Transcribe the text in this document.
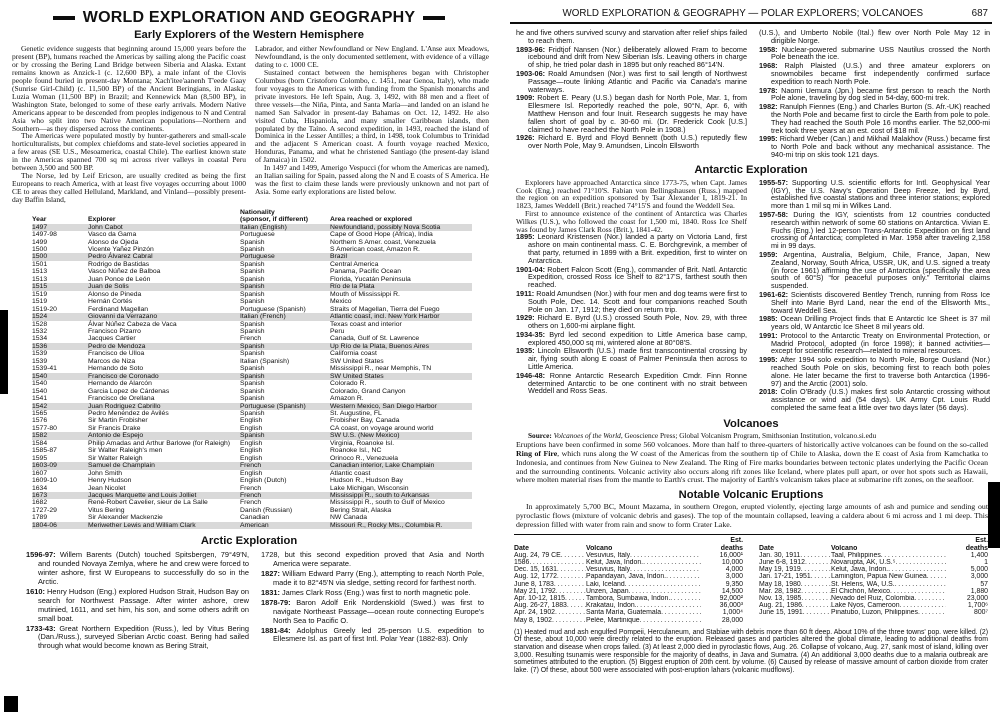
WORLD EXPLORATION AND GEOGRAPHY
Early Explorers of the Western Hemisphere

Genetic evidence suggests that beginning around 15,000 years before the present (BP), humans reached the Americas by sailing along the Pacific coast or by crossing the Bering Land Bridge between Siberia and Alaska. Extant remains known as Anzick-1 (c. 12,600 BP), a male infant of the Clovis people found buried in present-day Montana; Xach'itee'aanenh T'eede Gaay (Sunrise Girl-Child) (c. 11,500 BP) of the Ancient Beringians, in Alaska; Luzia Woman (11,500 BP) in Brazil; and Kennewick Man (8,500 BP), in Washington State, belonged to some of these early arrivals. Modern Native Americans appear to be descended from peoples indigenous to N and Central Asia who split into two Native American populations—Northern and Southern—as they dispersed across the continents.

The Americas were populated mostly by hunter-gatherers and small-scale horticulturalists, but complex chiefdoms and state-level societies appeared in a few areas (SE U.S., Mesoamerica, coastal Chile). The earliest known state in the Americas spanned 700 sq mi across river valleys in coastal Peru between 3,500 and 500 BP.

The Norse, led by Leif Ericson, are usually credited as being the first Europeans to reach America, with at least five voyages occurring about 1000 CE to areas they called Helluland, Markland, and Vinland—possibly present-day Baffin Island,

Labrador, and either Newfoundland or New England. L'Anse aux Meadows, Newfoundland, is the only documented settlement, with evidence of a village dating to c. 1000 CE.

Sustained contact between the hemispheres began with Christopher Columbus (born Cristoforo Colombo, c. 1451, near Genoa, Italy), who made four voyages to the Americas with funding from the Spanish monarchs and private investors. He left Spain, Aug. 3, 1492, with 88 men and a fleet of three vessels—the Niña, Pinta, and Santa María—and landed on an island he named San Salvador in present-day Bahamas on Oct. 12, 1492. He also visited Cuba, Hispaniola, and many smaller Caribbean islands, then populated by the Taíno. A second expedition, in 1493, reached the island of Dominica in the Lesser Antilles; a third, in 1498, took Columbus to Trinidad and the adjacent S American coast. A fourth voyage reached Mexico, Honduras, Panama, and what he christened Santiago (the present-day island of Jamaica) in 1502.

In 1497 and 1499, Amerigo Vespucci (for whom the Americas are named), an Italian sailing for Spain, passed along the N and E coasts of S America. He was the first to claim these lands were previously unknown and not part of Asia. Some early explorations are listed below.

Nationality
Year	Explorer	(sponsor, if different)	Area reached or explored
1497	John Cabot	Italian (English)	Newfoundland, possibly Nova Scotia
1497-98	Vasco da Gama	Portuguese	Cape of Good Hope (Africa), India
1499	Alonso de Ojeda	Spanish	Northern S Amer. coast, Venezuela
1500	Vicente Yañez Pinzón	Spanish	S American coast, Amazon R.
1500	Pedro Álvarez Cabral	Portuguese	Brazil
1501	Rodrigo de Bastidas	Spanish	Central America
1513	Vasco Núñez de Balboa	Spanish	Panama, Pacific Ocean
1513	Juan Ponce de León	Spanish	Florida, Yucatán Peninsula
1515	Juan de Solis	Spanish	Río de la Plata
1519	Alonso de Pineda	Spanish	Mouth of Mississippi R.
1519	Hernán Cortés	Spanish	Mexico
1519-20	Ferdinand Magellan	Portuguese (Spanish)	Straits of Magellan, Tierra del Fuego
1524	Giovanni da Verrazano	Italian (French)	Atlantic coast, incl. New York Harbor
1528	Álvar Núñez Cabeza de Vaca	Spanish	Texas coast and interior
1532	Francisco Pizarro	Spanish	Peru
1534	Jacques Cartier	French	Canada, Gulf of St. Lawrence
1536	Pedro de Mendoza	Spanish	Up Río de la Plata, Buenos Aires
1539	Francisco de Ulloa	Spanish	California coast
1539	Marcos de Niza	Italian (Spanish)	SW United States
1539-41	Hernando de Soto	Spanish	Mississippi R., near Memphis, TN
1540	Francisco de Coronado	Spanish	SW United States
1540	Hernando de Alarcón	Spanish	Colorado R.
1540	Garcia Lopez de Cárdenas	Spanish	Colorado, Grand Canyon
1541	Francisco de Orellana	Spanish	Amazon R.
1542	Juan Rodriguez Cabrillo	Portuguese (Spanish)	Western Mexico, San Diego Harbor
1565	Pedro Menéndez de Avilés	Spanish	St. Augustine, FL
1576	Sir Martin Frobisher	English	Frobisher Bay, Canada
1577-80	Sir Francis Drake	English	CA coast, on voyage around world
1582	Antonio de Espejo	Spanish	SW U.S. (New Mexico)
1584	Philip Amadas and Arthur Barlowe (for Raleigh)	English	Virginia, Roanoke Isl.
1585-87	Sir Walter Raleigh's men	English	Roanoke Isl., NC
1595	Sir Walter Raleigh	English	Orinoco R., Venezuela
1603-09	Samuel de Champlain	French	Canadian interior, Lake Champlain
1607	John Smith	English	Atlantic coast
1609-10	Henry Hudson	English (Dutch)	Hudson R., Hudson Bay
1634	Jean Nicolet	French	Lake Michigan, Wisconsin
1673	Jacques Marquette and Louis Jolliet	French	Mississippi R., south to Arkansas
1682	René-Robert Cavelier, sieur de La Salle	French	Mississippi R., south to Gulf of Mexico
1727-29	Vitus Bering	Danish (Russian)	Bering Strait, Alaska
1789	Sir Alexander Mackenzie	Canadian	NW Canada
1804-06	Meriwether Lewis and William Clark	American	Missouri R., Rocky Mts., Columbia R.
Arctic Exploration

1596-97: Willem Barents (Dutch) touched Spitsbergen, 79°49'N, and rounded Novaya Zemlya, where he and crew were forced to winter ashore, first W Europeans to successfully do so in the Arctic.

1610: Henry Hudson (Eng.) explored Hudson Strait, Hudson Bay on search for Northwest Passage. After winter ashore, crew mutinied, 1611, and set him, his son, and some others adrift on small boat.

1733-43: Great Northern Expedition (Russ.), led by Vitus Bering (Dan./Russ.), surveyed Siberian Arctic coast. Bering had sailed through what would become known as Bering Strait,

1728, but this second expedition proved that Asia and North America were separate.

1827: William Edward Parry (Eng.), attempting to reach North Pole, made it to 82°45'N via sledge, setting record for farthest north.

1831: James Clark Ross (Eng.) was first to north magnetic pole.

1878-79: Baron Adolf Erik Nordenskiöld (Swed.) was first to navigate Northeast Passage—ocean route connecting Europe's North Sea to Pacific O.

1881-84: Adolphus Greely led 25-person U.S. expedition to Ellesmere Isl. as part of first Intl. Polar Year (1882-83). Only

WORLD EXPLORATION & GEOGRAPHY — POLAR EXPLORERS; VOLCANOES	687

he and five others survived scurvy and starvation after relief ships failed to reach them.

1893-96: Fridtjof Nansen (Nor.) deliberately allowed Fram to become icebound and drift from New Siberian Isls. Leaving others in charge of ship, he tried polar dash in 1895 but only reached 86°14'N.

1903-06: Roald Amundsen (Nor.) was first to sail length of Northwest Passage—route linking Atlantic and Pacific via Canada's marine waterways.

1909: Robert E. Peary (U.S.) began dash for North Pole, Mar. 1, from Ellesmere Isl. Reportedly reached the pole, 90°N, Apr. 6, with Matthew Henson and four Inuit. Research suggests he may have fallen short of goal by c. 30-60 mi. (Dr. Frederick Cook [U.S.] claimed to have reached the North Pole in 1908.)

1926: Richard E. Byrd and Floyd Bennett (both U.S.) reputedly flew over North Pole, May 9. Amundsen, Lincoln Ellsworth

(U.S.), and Umberto Nobile (Ital.) flew over North Pole May 12 in dirigible Norge.

1958: Nuclear-powered submarine USS Nautilus crossed the North Pole beneath the ice.

1968: Ralph Plaisted (U.S.) and three amateur explorers on snowmobiles became first independently confirmed surface expedition to reach North Pole.

1978: Naomi Uemura (Jpn.) became first person to reach the North Pole alone, traveling by dog sled in 54-day, 600-mi trek.

1982: Ranulph Fiennes (Eng.) and Charles Burton (S. Afr.-UK) reached the North Pole and became first to circle the Earth from pole to pole. They had reached the South Pole 16 months earlier. The 52,000-mi trek took three years at an est. cost of $18 mil.

1995: Richard Weber (Can.) and Mikhail Malakhov (Russ.) became first to North Pole and back without any mechanical assistance. The 940-mi trip on skis took 121 days.

Antarctic Exploration

Explorers have approached Antarctica since 1773-75, when Capt. James Cook (Eng.) reached 71°10'S. Fabian von Bellingshausen (Russ.) mapped the region on an expedition sponsored by Tsar Alexander I, 1819-21. In 1823, James Weddell (Brit.) reached 74°15'S and found the Weddell Sea.

First to announce existence of the continent of Antarctica was Charles Wilkes (U.S.), who followed the coast for 1,500 mi, 1840. Ross Ice Shelf was found by James Clark Ross (Brit.), 1841-42.

1895: Leonard Kristensen (Nor.) landed a party on Victoria Land, first ashore on main continental mass. C. E. Borchgrevink, a member of that party, returned in 1899 with a Brit. expedition, first to winter on Antarctica.

1901-04: Robert Falcon Scott (Eng.), commander of Brit. Natl. Antarctic Expedition, crossed Ross Ice Shelf to 82°17'S, farthest south then reached.

1911: Roald Amundsen (Nor.) with four men and dog teams were first to South Pole, Dec. 14. Scott and four companions reached South Pole on Jan. 17, 1912; they died on return trip.

1929: Richard E. Byrd (U.S.) crossed South Pole, Nov. 29, with three others on 1,600-mi airplane flight.

1934-35: Byrd led second expedition to Little America base camp, explored 450,000 sq mi, wintered alone at 80°08'S.

1935: Lincoln Ellsworth (U.S.) made first transcontinental crossing by air, flying south along E coast of Palmer Peninsula then across to Little America.

1946-48: Ronne Antarctic Research Expedition Cmdr. Finn Ronne determined Antarctic to be one continent with no strait between Weddell and Ross Seas.

1955-57: Supporting U.S. scientific efforts for Intl. Geophysical Year (IGY), the U.S. Navy's Operation Deep Freeze, led by Byrd, established five coastal stations and three interior stations; explored more than 1 mil sq mi in Wilkes Land.

1957-58: During the IGY, scientists from 12 countries conducted research within network of some 60 stations on Antarctica. Vivian E. Fuchs (Eng.) led 12-person Trans-Antarctic Expedition on first land crossing of Antarctica; completed in Mar. 1958 after traveling 2,158 mi in 99 days.

1959: Argentina, Australia, Belgium, Chile, France, Japan, New Zealand, Norway, South Africa, USSR, UK, and U.S. signed a treaty (in force 1961) affirming the use of Antarctica (specifically the area south of 60°S) “for peaceful purposes only.” Territorial claims suspended.

1961-62: Scientists discovered Bentley Trench, running from Ross Ice Shelf into Marie Byrd Land, near the end of the Ellsworth Mts., toward Weddell Sea.

1985: Ocean Drilling Project finds that E Antarctic Ice Sheet is 37 mil years old, W Antarctic Ice Sheet 8 mil years old.

1991: Protocol to the Antarctic Treaty on Environmental Protection, or Madrid Protocol, adopted (in force 1998); it banned activities—except for scientific research—related to mineral resources.

1995: After 1994 solo expedition to North Pole, Borge Ousland (Nor.) reached South Pole on skis, becoming first to reach both poles alone. He later became the first to traverse both Antarctica (1996-97) and the Arctic (2001) solo.

2018: Colin O'Brady (U.S.) makes first solo Antarctic crossing without assistance or wind aid (54 days). UK Army Cpt. Louis Rudd completed the same feat a little over two days later (56 days).

Volcanoes

Source: Volcanoes of the World, Geoscience Press; Global Volcanism Program, Smithsonian Institution, volcano.si.edu

Eruptions have been confirmed in some 560 volcanoes. More than half to three-quarters of historically active volcanoes can be found on the so-called Ring of Fire, which runs along the W coast of the Americas from the southern tip of Chile to Alaska, down the E coast of Asia from Kamchatka to Indonesia, and continues from New Guinea to New Zealand. The Ring of Fire marks boundaries between tectonic plates underlying the Pacific Ocean and the surrounding continents. Volcanic activity also occurs along rift zones like Iceland, where plates pull apart, or over hot spots such as Hawaii, where molten material rises from the mantle to Earth's crust. The majority of Earth's volcanism takes place at submarine rift zones, on the seafloor.

Notable Volcanic Eruptions

In approximately 5,700 BC, Mount Mazama, in southern Oregon, erupted violently, ejecting large amounts of ash and pumice and sending out pyroclastic flows (mixture of volcanic debris and gases). The top of the mountain collapsed, leaving a caldera about 6 mi across and 1 mi deep. This depression filled with water from rain and snow to form Crater Lake.

Est.
Date	Volcano	deaths
Aug. 24, 79 CE .....	Vesuvius, Italy .....	16,000¹
1586 .....	Kelut, Java, Indon. .....	10,000
Dec. 15, 1631 .....	Vesuvius, Italy .....	4,000
Aug. 12, 1772 .....	Papandayan, Java, Indon. .....	3,000
June 8, 1783 .....	Laki, Iceland .....	9,350
May 21, 1792 .....	Unzen, Japan .....	14,500
Apr. 10-12, 1815 .....	Tambora, Sumbawa, Indon. .....	92,000²
Aug. 26-27, 1883 .....	Krakatau, Indon. .....	36,000³
Apr. 24, 1902 .....	Santa María, Guatemala .....	1,000⁴
May 8, 1902 .....	Pelée, Martinique .....	28,000
Est.
Date	Volcano	deaths
Jan. 30, 1911 .....	Taal, Philippines .....	1,400
June 6-8, 1912 .....	Novarupta, AK, U.S.⁵ .....	1
May 19, 1919 .....	Kelut, Java, Indon. .....	5,000
Jan. 17-21, 1951 .....	Lamington, Papua New Guinea .....	3,000
May 18, 1980 .....	St. Helens, WA, U.S. .....	57
Mar. 28, 1982 .....	El Chichón, Mexico .....	1,880
Nov. 13, 1985 .....	Nevado del Ruiz, Colombia .....	23,000
Aug. 21, 1986 .....	Lake Nyos, Cameroon .....	1,700⁶
June 15, 1991 .....	Pinatubo, Luzon, Philippines .....	800⁷

(1) Heated mud and ash engulfed Pompeii, Herculaneum, and Stabiae with debris more than 60 ft deep. About 10% of the three towns' pop. were killed. (2) Of these, about 10,000 were directly related to the eruption. Released gases and particles altered the global climate, leading to additional deaths from starvation and disease when crops failed. (3) At least 2,000 died in pyroclastic flows, Aug. 26. Collapse of volcano, Aug. 27, sank most of island, killing over 3,000. Resulting tsunamis were responsible for the majority of deaths, in Java and Sumatra. (4) An additional 3,000 deaths due to a malaria outbreak are sometimes attributed to the eruption. (5) Biggest eruption of 20th cent. by volume. (6) Caused by release of massive amount of carbon dioxide from crater lake. (7) Of these, about 500 were associated with post-eruption lahars (volcanic mudflows).
